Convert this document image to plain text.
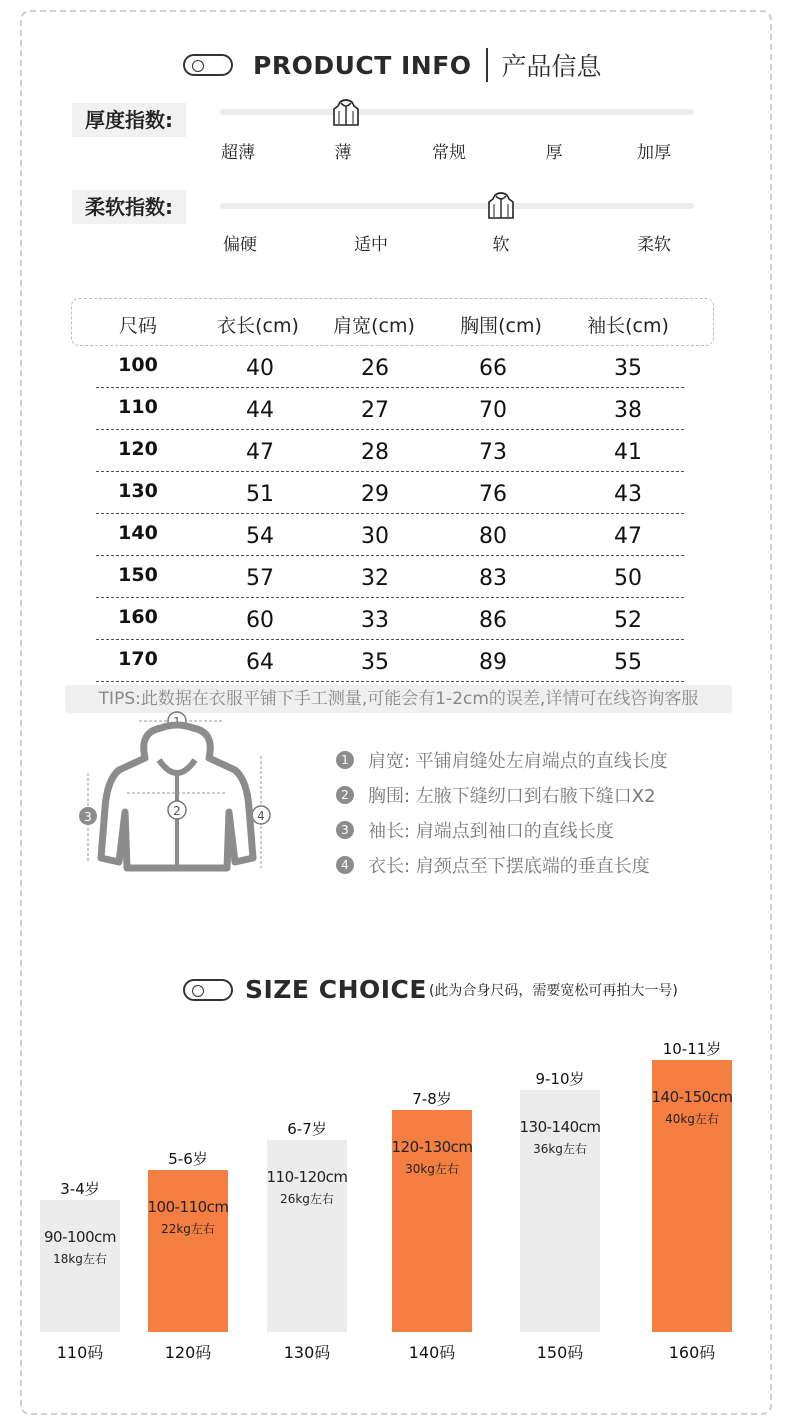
PRODUCT INFO 产品信息
厚度指数:
超薄	薄	常规	厚	加厚
柔软指数:
偏硬	适中	软	柔软
尺码	衣长(cm) 肩宽(cm) 胸围(cm) 袖长(cm)
100	40	26	66	35
110	44	27	70	38
120	47	28	73	41
130	51	29	76	43
140	54	30	80	47
150	57	32	83	50
160	60	33	86	52
170	64	35	89	55
TIPS:此数据在衣服平铺下手工测量,可能会有1-2cm的误差,详情可在线咨询客服
3	4
2
1 肩宽: 平铺肩缝处左肩端点的直线长度
2 胸围: 左腋下缝纫口到右腋下缝口X2
3 袖长: 肩端点到袖口的直线长度
4 衣长: 肩颈点至下摆底端的垂直长度
SIZE CHOICE (此为合身尺码，需要宽松可再拍大一号)
3-4岁
90-100cm
18kg左右
110码
5-6岁
100-110cm
22kg左右
120码
6-7岁
110-120cm
26kg左右
130码
7-8岁
120-130cm
30kg左右
140码
9-10岁
130-140cm
36kg左右
150码
10-11岁
140-150cm
40kg左右
160码
